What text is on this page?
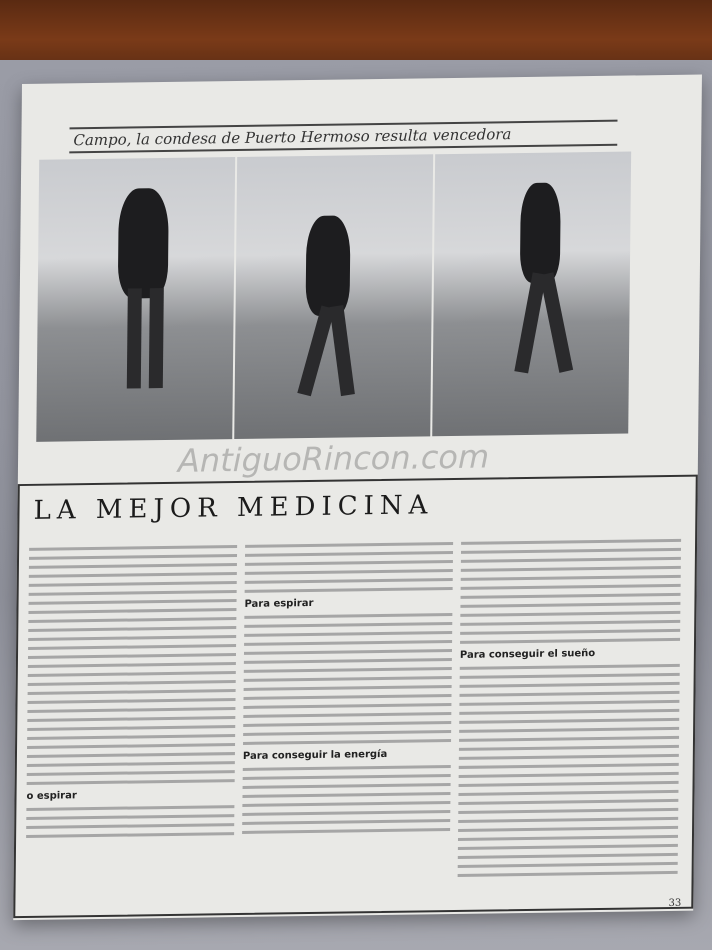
Campo, la condesa de Puerto Hermoso resulta vencedora
AntiguoRincon.com
LA MEJOR MEDICINA
o espirar
Para espirar
Para conseguir la energía
Para conseguir el sueño
33
